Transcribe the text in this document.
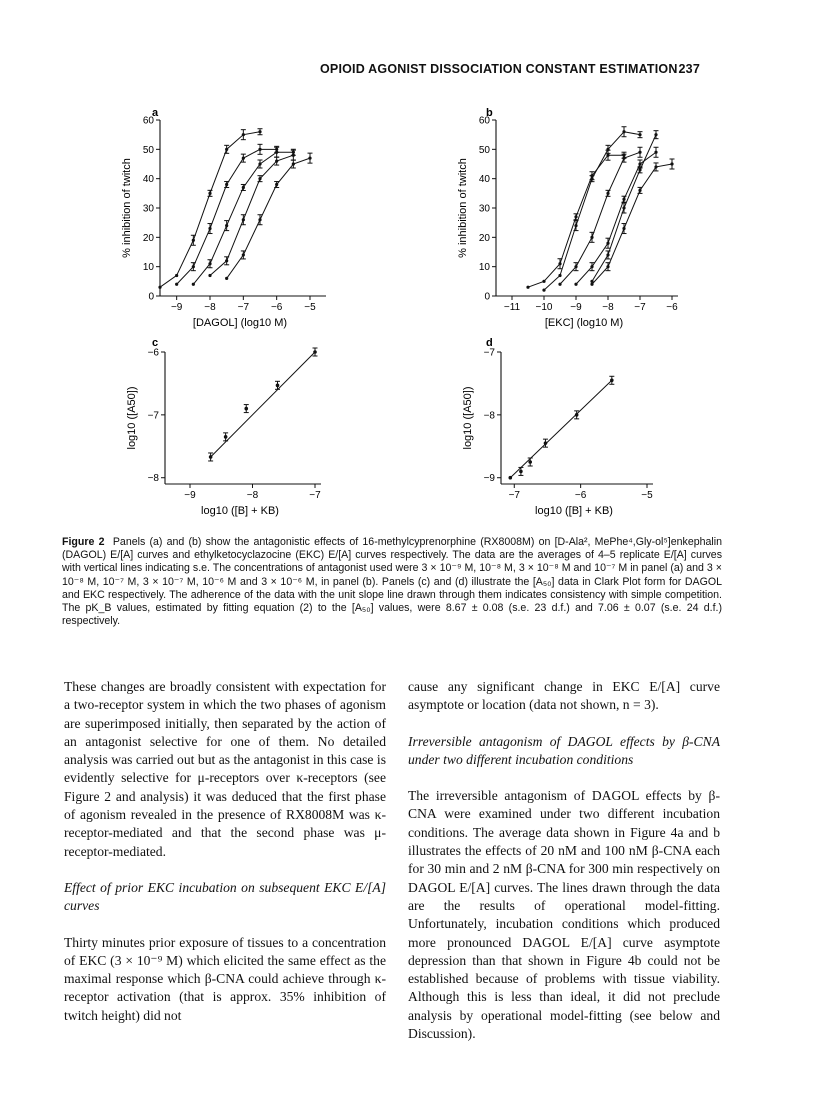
OPIOID AGONIST DISSOCIATION CONSTANT ESTIMATION 237
a	b
c	d
0
10
20
30
40
50
60
−9 −8 −7 −6 −5
[DAGOL] (log10 M)
% inhibition of twitch
0
10
20
30
40
50
60
−11 −10 −9 −8 −7 −6
[EKC] (log10 M)
% inhibition of twitch
−8
−7
−6
−9	−8	−7
log10 ([B] + KB)
log10 ([A50])
−9
−8
−7
−7	−6	−5
log10 ([B] + KB)
log10 ([A50])
Figure 2 Panels (a) and (b) show the antagonistic effects of 16-methylcyprenorphine (RX8008M) on [D-Ala², MePhe⁴,Gly-ol⁵]enkephalin (DAGOL) E/[A] curves and ethylketocyclazocine (EKC) E/[A] curves respectively. The data are the averages of 4–5 replicate E/[A] curves with vertical lines indicating s.e. The concentrations of antagonist used were 3 × 10⁻⁹ M, 10⁻⁸ M, 3 × 10⁻⁸ M and 10⁻⁷ M in panel (a) and 3 × 10⁻⁸ M, 10⁻⁷ M, 3 × 10⁻⁷ M, 10⁻⁶ M and 3 × 10⁻⁶ M, in panel (b). Panels (c) and (d) illustrate the [A₅₀] data in Clark Plot form for DAGOL and EKC respectively. The adherence of the data with the unit slope line drawn through them indicates consistency with simple competition. The pK_B values, estimated by fitting equation (2) to the [A₅₀] values, were 8.67 ± 0.08 (s.e. 23 d.f.) and 7.06 ± 0.07 (s.e. 24 d.f.) respectively.

These changes are broadly consistent with expectation for a two-receptor system in which the two phases of agonism are superimposed initially, then separated by the action of an antagonist selective for one of them. No detailed analysis was carried out but as the antagonist in this case is evidently selective for μ-receptors over κ-receptors (see Figure 2 and analysis) it was deduced that the first phase of agonism revealed in the presence of RX8008M was κ-receptor-mediated and that the second phase was μ-receptor-mediated.

Effect of prior EKC incubation on subsequent EKC E/[A] curves

Thirty minutes prior exposure of tissues to a concentration of EKC (3 × 10⁻⁹ M) which elicited the same effect as the maximal response which β-CNA could achieve through κ-receptor activation (that is approx. 35% inhibition of twitch height) did not

cause any significant change in EKC E/[A] curve asymptote or location (data not shown, n = 3).

Irreversible antagonism of DAGOL effects by β-CNA under two different incubation conditions

The irreversible antagonism of DAGOL effects by β-CNA were examined under two different incubation conditions. The average data shown in Figure 4a and b illustrates the effects of 20 nM and 100 nM β-CNA each for 30 min and 2 nM β-CNA for 300 min respectively on DAGOL E/[A] curves. The lines drawn through the data are the results of operational model-fitting. Unfortunately, incubation conditions which produced more pronounced DAGOL E/[A] curve asymptote depression than that shown in Figure 4b could not be established because of problems with tissue viability. Although this is less than ideal, it did not preclude analysis by operational model-fitting (see below and Discussion).
